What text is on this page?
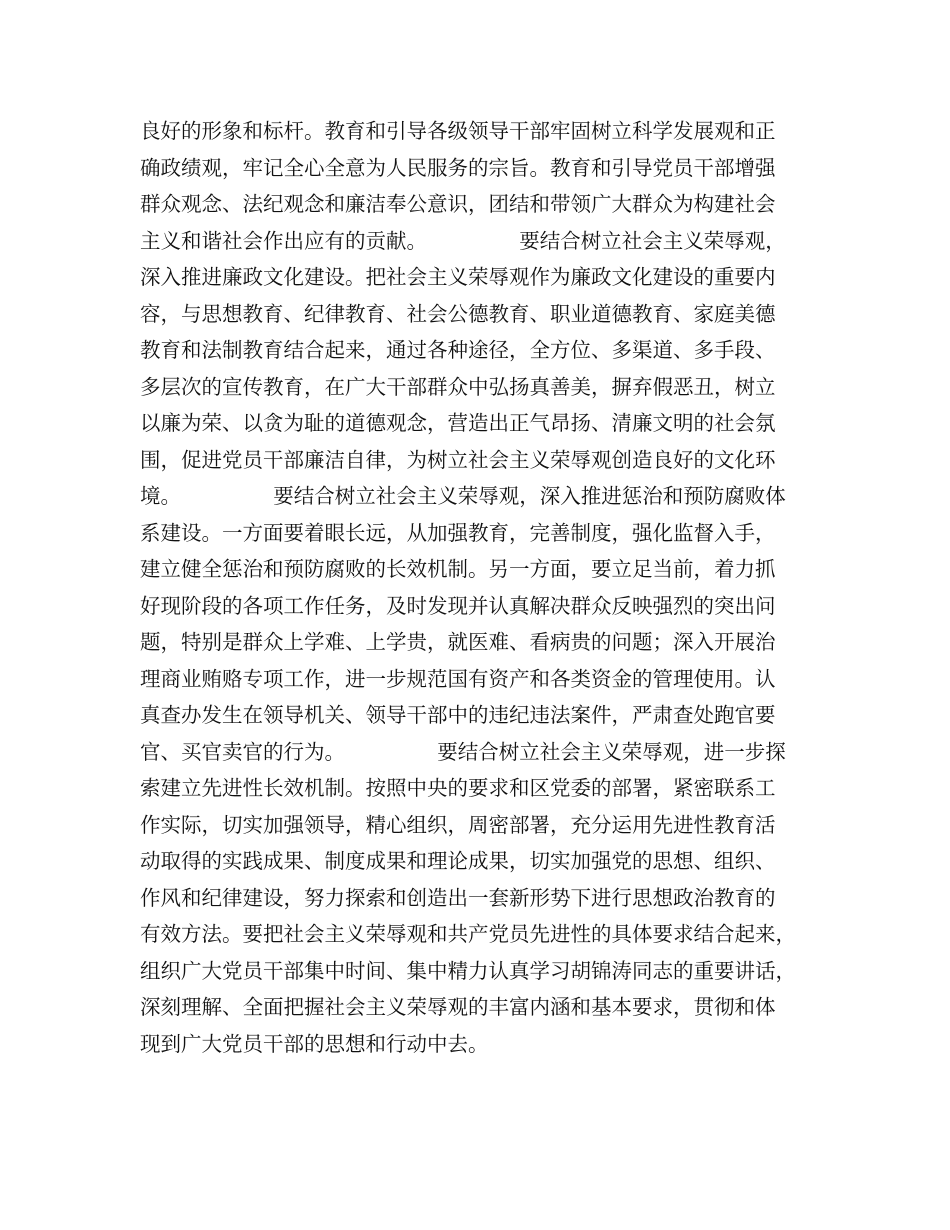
良好的形象和标杆。教育和引导各级领导干部牢固树立科学发展观和正
确政绩观，牢记全心全意为人民服务的宗旨。教育和引导党员干部增强
群众观念、法纪观念和廉洁奉公意识，团结和带领广大群众为构建社会
主义和谐社会作出应有的贡献。　　　　　要结合树立社会主义荣辱观，
深入推进廉政文化建设。把社会主义荣辱观作为廉政文化建设的重要内
容，与思想教育、纪律教育、社会公德教育、职业道德教育、家庭美德
教育和法制教育结合起来，通过各种途径，全方位、多渠道、多手段、
多层次的宣传教育，在广大干部群众中弘扬真善美，摒弃假恶丑，树立
以廉为荣、以贪为耻的道德观念，营造出正气昂扬、清廉文明的社会氛
围，促进党员干部廉洁自律，为树立社会主义荣辱观创造良好的文化环
境。　　　　　要结合树立社会主义荣辱观，深入推进惩治和预防腐败体
系建设。一方面要着眼长远，从加强教育，完善制度，强化监督入手，
建立健全惩治和预防腐败的长效机制。另一方面，要立足当前，着力抓
好现阶段的各项工作任务，及时发现并认真解决群众反映强烈的突出问
题，特别是群众上学难、上学贵，就医难、看病贵的问题；深入开展治
理商业贿赂专项工作，进一步规范国有资产和各类资金的管理使用。认
真查办发生在领导机关、领导干部中的违纪违法案件，严肃查处跑官要
官、买官卖官的行为。　　　　　要结合树立社会主义荣辱观，进一步探
索建立先进性长效机制。按照中央的要求和区党委的部署，紧密联系工
作实际，切实加强领导，精心组织，周密部署，充分运用先进性教育活
动取得的实践成果、制度成果和理论成果，切实加强党的思想、组织、
作风和纪律建设，努力探索和创造出一套新形势下进行思想政治教育的
有效方法。要把社会主义荣辱观和共产党员先进性的具体要求结合起来，
组织广大党员干部集中时间、集中精力认真学习胡锦涛同志的重要讲话，
深刻理解、全面把握社会主义荣辱观的丰富内涵和基本要求，贯彻和体
现到广大党员干部的思想和行动中去。
